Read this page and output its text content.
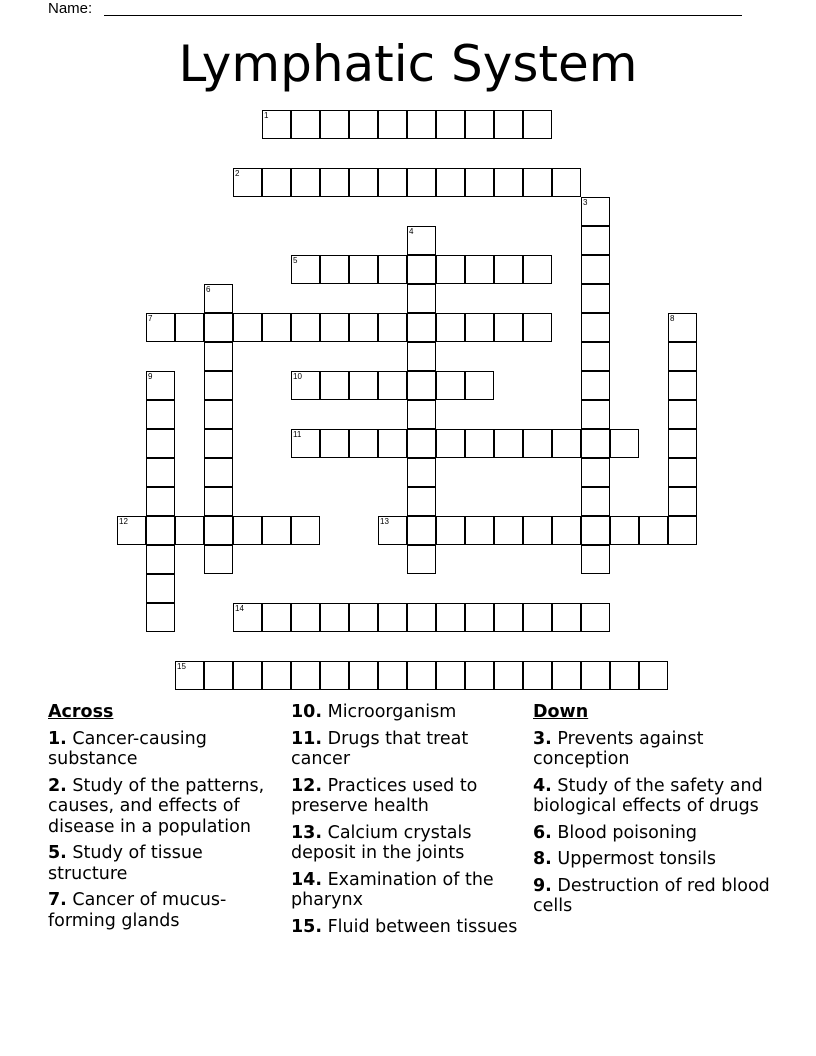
Name:
Lymphatic System
1
2
3
4
5
6
7	8
9	10
11
12	13
14
15
Across
1. Cancer-causing substance
2. Study of the patterns, causes, and effects of disease in a population
5. Study of tissue structure
7. Cancer of mucus-forming glands
10. Microorganism
11. Drugs that treat cancer
12. Practices used to preserve health
13. Calcium crystals deposit in the joints
14. Examination of the pharynx
15. Fluid between tissues
Down
3. Prevents against conception
4. Study of the safety and biological effects of drugs
6. Blood poisoning
8. Uppermost tonsils
9. Destruction of red blood cells
